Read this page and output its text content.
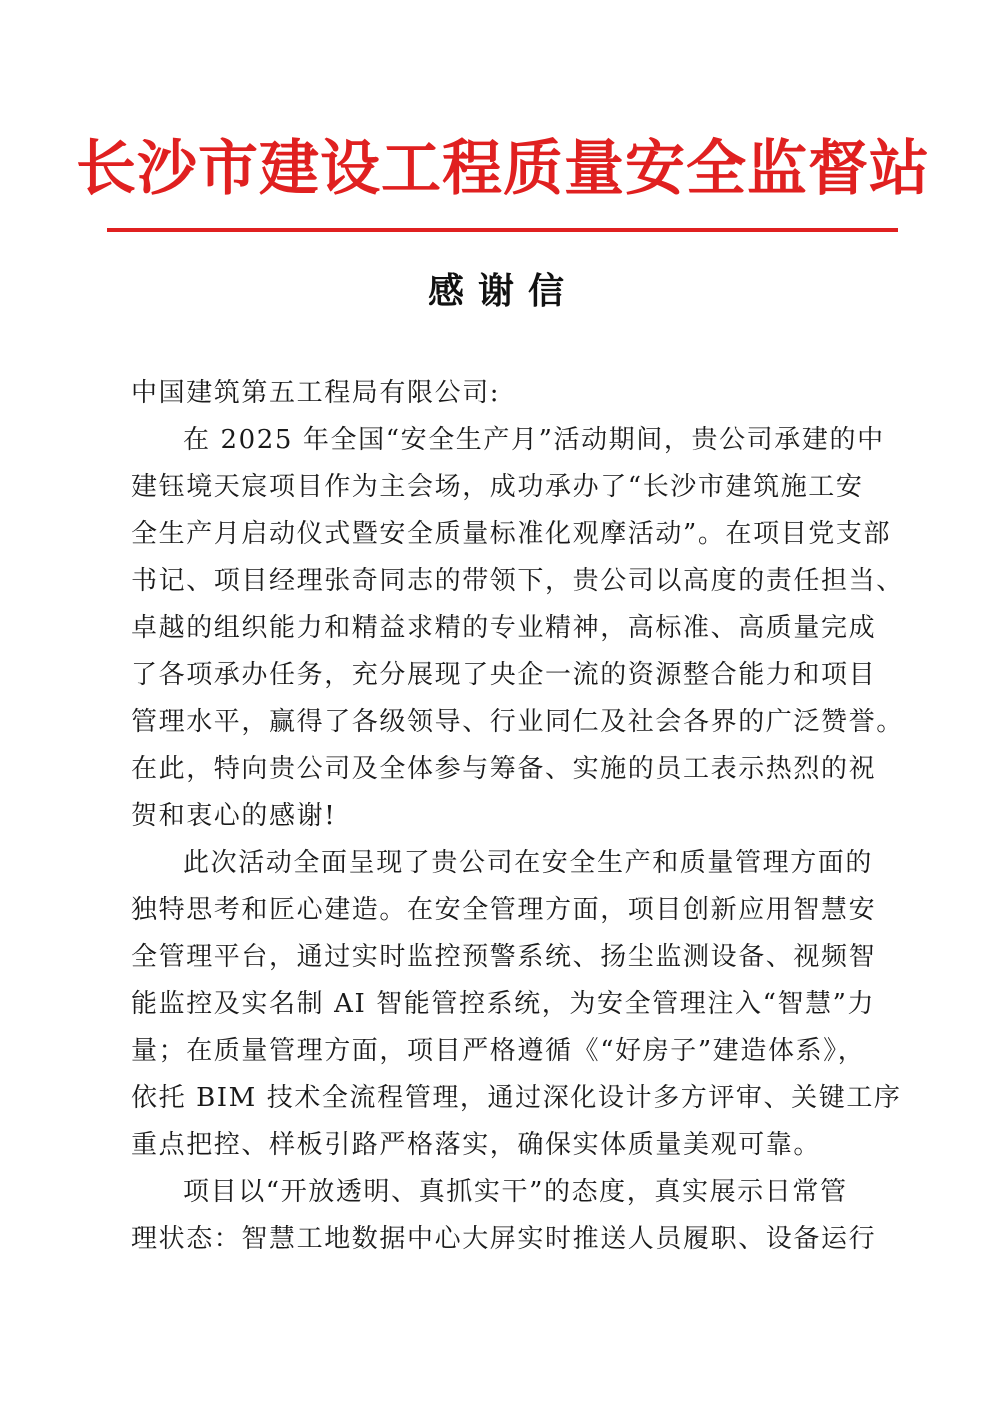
长沙市建设工程质量安全监督站
感谢信

中国建筑第五工程局有限公司:

在 2025 年全国“安全生产月”活动期间，贵公司承建的中
建钰境天宸项目作为主会场，成功承办了“长沙市建筑施工安
全生产月启动仪式暨安全质量标准化观摩活动”。在项目党支部
书记、项目经理张奇同志的带领下，贵公司以高度的责任担当、
卓越的组织能力和精益求精的专业精神，高标准、高质量完成
了各项承办任务，充分展现了央企一流的资源整合能力和项目
管理水平，赢得了各级领导、行业同仁及社会各界的广泛赞誉。
在此，特向贵公司及全体参与筹备、实施的员工表示热烈的祝
贺和衷心的感谢!

此次活动全面呈现了贵公司在安全生产和质量管理方面的
独特思考和匠心建造。在安全管理方面，项目创新应用智慧安
全管理平台，通过实时监控预警系统、扬尘监测设备、视频智
能监控及实名制 AI 智能管控系统，为安全管理注入“智慧”力
量；在质量管理方面，项目严格遵循《“好房子”建造体系》，
依托 BIM 技术全流程管理，通过深化设计多方评审、关键工序
重点把控、样板引路严格落实，确保实体质量美观可靠。

项目以“开放透明、真抓实干”的态度，真实展示日常管
理状态：智慧工地数据中心大屏实时推送人员履职、设备运行
